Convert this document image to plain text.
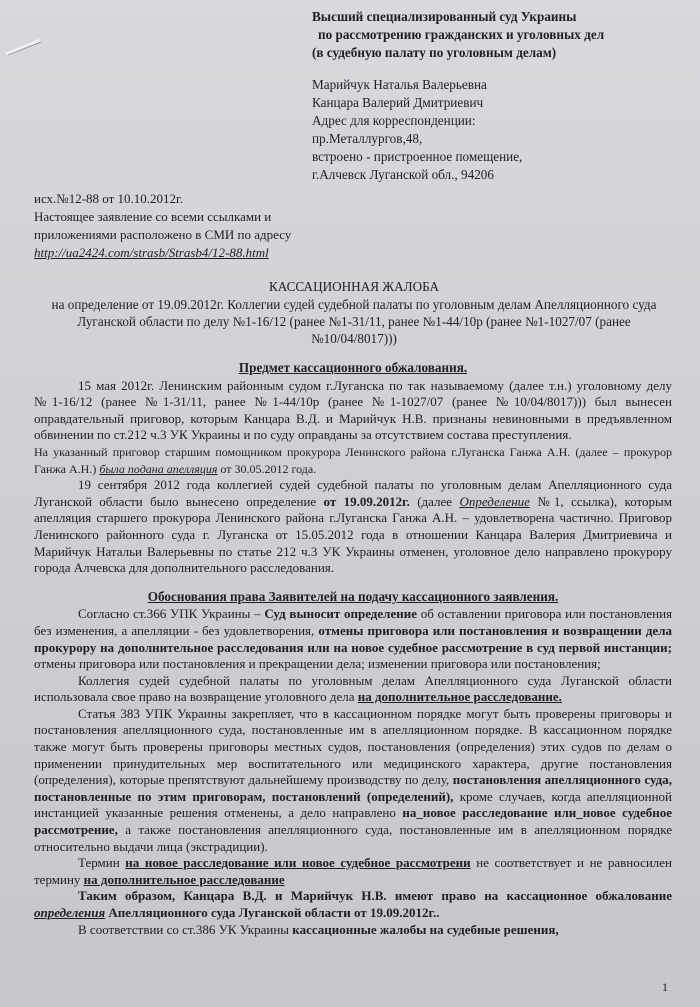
Высший специализированный суд Украины
по рассмотрению гражданских и уголовных дел
(в судебную палату по уголовным делам)
Марийчук Наталья Валерьевна
Канцара Валерий Дмитриевич
Адрес для корреспонденции:
пр.Металлургов,48,
встроено - пристроенное помещение,
г.Алчевск Луганской обл., 94206
исх.№12-88 от 10.10.2012г.
Настоящее заявление со всеми ссылками и
приложениями расположено в СМИ по адресу
http://ua2424.com/strasb/Strasb4/12-88.html
КАССАЦИОННАЯ ЖАЛОБА
на определение от 19.09.2012г. Коллегии судей судебной палаты по уголовным делам Апелляционного суда Луганской области по делу №1-16/12 (ранее №1-31/11, ранее №1-44/10р (ранее №1-1027/07 (ранее №10/04/8017)))
Предмет кассационного обжалования.

15 мая 2012г. Ленинским районным судом г.Луганска по так называемому (далее т.н.) уголовному делу №1-16/12 (ранее №1-31/11, ранее №1-44/10р (ранее №1-1027/07 (ранее №10/04/8017))) был вынесен оправдательный приговор, которым Канцара В.Д. и Марийчук Н.В. признаны невиновными в предъявленном обвинении по ст.212 ч.3 УК Украины и по суду оправданы за отсутствием состава преступления.

На указанный приговор старшим помощником прокурора Ленинского района г.Луганска Ганжа А.Н. (далее – прокурор Ганжа А.Н.) была подана апелляция от 30.05.2012 года.

19 сентября 2012 года коллегией судей судебной палаты по уголовным делам Апелляционного суда Луганской области было вынесено определение от 19.09.2012г. (далее Определение №1, ссылка), которым апелляция старшего прокурора Ленинского района г.Луганска Ганжа А.Н. – удовлетворена частично. Приговор Ленинского районного суда г. Луганска от 15.05.2012 года в отношении Канцара Валерия Дмитриевича и Марийчук Натальи Валерьевны по статье 212 ч.3 УК Украины отменен, уголовное дело направлено прокурору города Алчевска для дополнительного расследования.

Обоснования права Заявителей на подачу кассационного заявления.

Согласно ст.366 УПК Украины – Суд выносит определение об оставлении приговора или постановления без изменения, а апелляции - без удовлетворения, отмены приговора или постановления и возвращении дела прокурору на дополнительное расследования или на новое судебное рассмотрение в суд первой инстанции; отмены приговора или постановления и прекращении дела; изменении приговора или постановления;

Коллегия судей судебной палаты по уголовным делам Апелляционного суда Луганской области использовала свое право на возвращение уголовного дела на дополнительное расследование.

Статья 383 УПК Украины закрепляет, что в кассационном порядке могут быть проверены приговоры и постановления апелляционного суда, постановленные им в апелляционном порядке. В кассационном порядке также могут быть проверены приговоры местных судов, постановления (определения) этих судов по делам о применении принудительных мер воспитательного или медицинского характера, другие постановления (определения), которые препятствуют дальнейшему производству по делу, постановления апелляционного суда, постановленные по этим приговорам, постановлений (определений), кроме случаев, когда апелляционной инстанцией указанные решения отменены, а дело направлено на_новое расследование или_новое судебное рассмотрение, а также постановления апелляционного суда, постановленные им в апелляционном порядке относительно выдачи лица (экстрадиции).

Термин на новое расследование или новое судебное рассмотрени не соответствует и не равносилен термину на дополнительное расследование

Таким образом, Канцара В.Д. и Марийчук Н.В. имеют право на кассационное обжалование определения Апелляционного суда Луганской области от 19.09.2012г..

В соответствии со ст.386 УК Украины кассационные жалобы на судебные решения,

1
